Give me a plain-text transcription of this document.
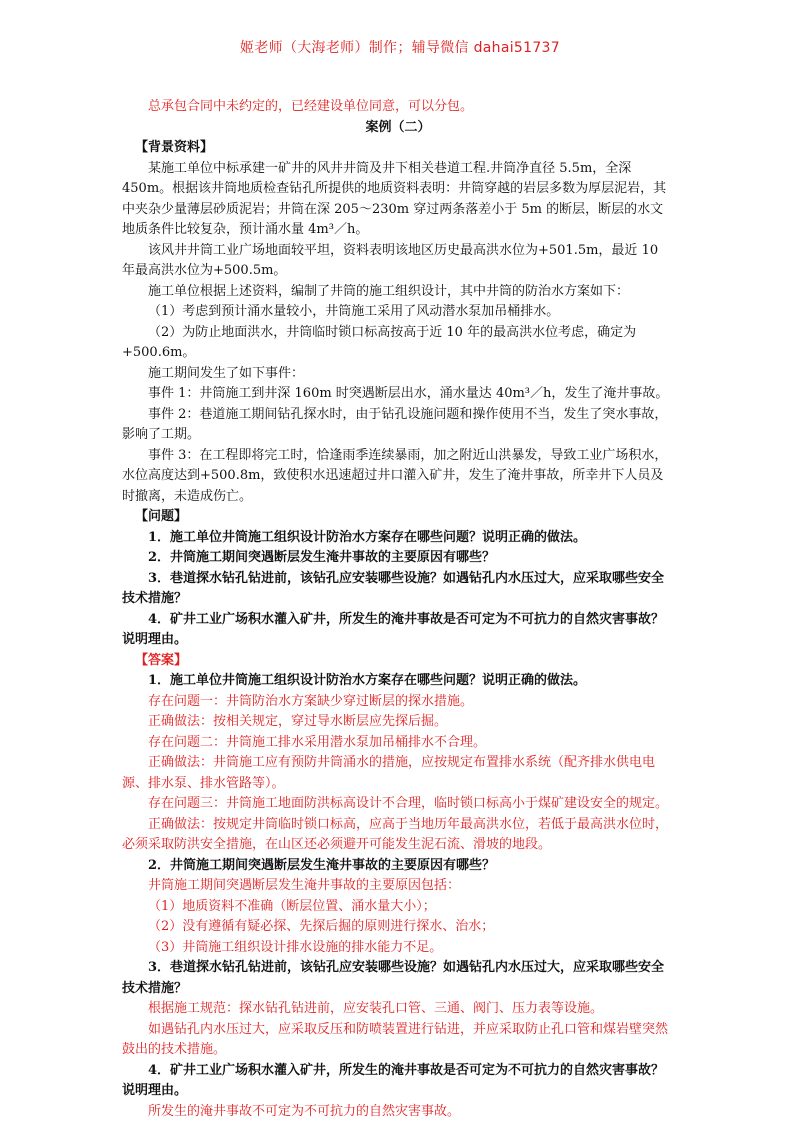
姬老师（大海老师）制作；辅导微信 dahai51737

总承包合同中未约定的，已经建设单位同意，可以分包。

案例（二）

【背景资料】

某施工单位中标承建一矿井的风井井筒及井下相关巷道工程.井筒净直径 5.5m，全深 450m。根据该井筒地质检查钻孔所提供的地质资料表明：井筒穿越的岩层多数为厚层泥岩，其中夹杂少量薄层砂质泥岩；井筒在深 205～230m 穿过两条落差小于 5m 的断层，断层的水文地质条件比较复杂，预计涌水量 4m³／h。

该风井井筒工业广场地面较平坦，资料表明该地区历史最高洪水位为+501.5m，最近 10 年最高洪水位为+500.5m。

施工单位根据上述资料，编制了井筒的施工组织设计，其中井筒的防治水方案如下：

（1）考虑到预计涌水量较小，井筒施工采用了风动潜水泵加吊桶排水。

（2）为防止地面洪水，井筒临时锁口标高按高于近 10 年的最高洪水位考虑，确定为+500.6m。

施工期间发生了如下事件：

事件 1：井筒施工到井深 160m 时突遇断层出水，涌水量达 40m³／h，发生了淹井事故。

事件 2：巷道施工期间钻孔探水时，由于钻孔设施问题和操作使用不当，发生了突水事故，影响了工期。

事件 3：在工程即将完工时，恰逢雨季连续暴雨，加之附近山洪暴发，导致工业广场积水，水位高度达到+500.8m，致使积水迅速超过井口灌入矿井，发生了淹井事故，所幸井下人员及时撤离，未造成伤亡。

【问题】

1．施工单位井筒施工组织设计防治水方案存在哪些问题？说明正确的做法。

2．井筒施工期间突遇断层发生淹井事故的主要原因有哪些？

3．巷道探水钻孔钻进前，该钻孔应安装哪些设施？如遇钻孔内水压过大，应采取哪些安全技术措施？

4．矿井工业广场积水灌入矿井，所发生的淹井事故是否可定为不可抗力的自然灾害事故？说明理由。

【答案】

1．施工单位井筒施工组织设计防治水方案存在哪些问题？说明正确的做法。

存在问题一：井筒防治水方案缺少穿过断层的探水措施。

正确做法：按相关规定，穿过导水断层应先探后掘。

存在问题二：井筒施工排水采用潜水泵加吊桶排水不合理。

正确做法：井筒施工应有预防井筒涌水的措施，应按规定布置排水系统（配齐排水供电电源、排水泵、排水管路等）。

存在问题三：井筒施工地面防洪标高设计不合理，临时锁口标高小于煤矿建设安全的规定。

正确做法：按规定井筒临时锁口标高，应高于当地历年最高洪水位，若低于最高洪水位时，必须采取防洪安全措施，在山区还必须避开可能发生泥石流、滑坡的地段。

2．井筒施工期间突遇断层发生淹井事故的主要原因有哪些？

井筒施工期间突遇断层发生淹井事故的主要原因包括：

（1）地质资料不准确（断层位置、涌水量大小）；

（2）没有遵循有疑必探、先探后掘的原则进行探水、治水；

（3）井筒施工组织设计排水设施的排水能力不足。

3．巷道探水钻孔钻进前，该钻孔应安装哪些设施？如遇钻孔内水压过大，应采取哪些安全技术措施？

根据施工规范：探水钻孔钻进前，应安装孔口管、三通、阀门、压力表等设施。

如遇钻孔内水压过大，应采取反压和防喷装置进行钻进，并应采取防止孔口管和煤岩壁突然鼓出的技术措施。

4．矿井工业广场积水灌入矿井，所发生的淹井事故是否可定为不可抗力的自然灾害事故？说明理由。

所发生的淹井事故不可定为不可抗力的自然灾害事故。
